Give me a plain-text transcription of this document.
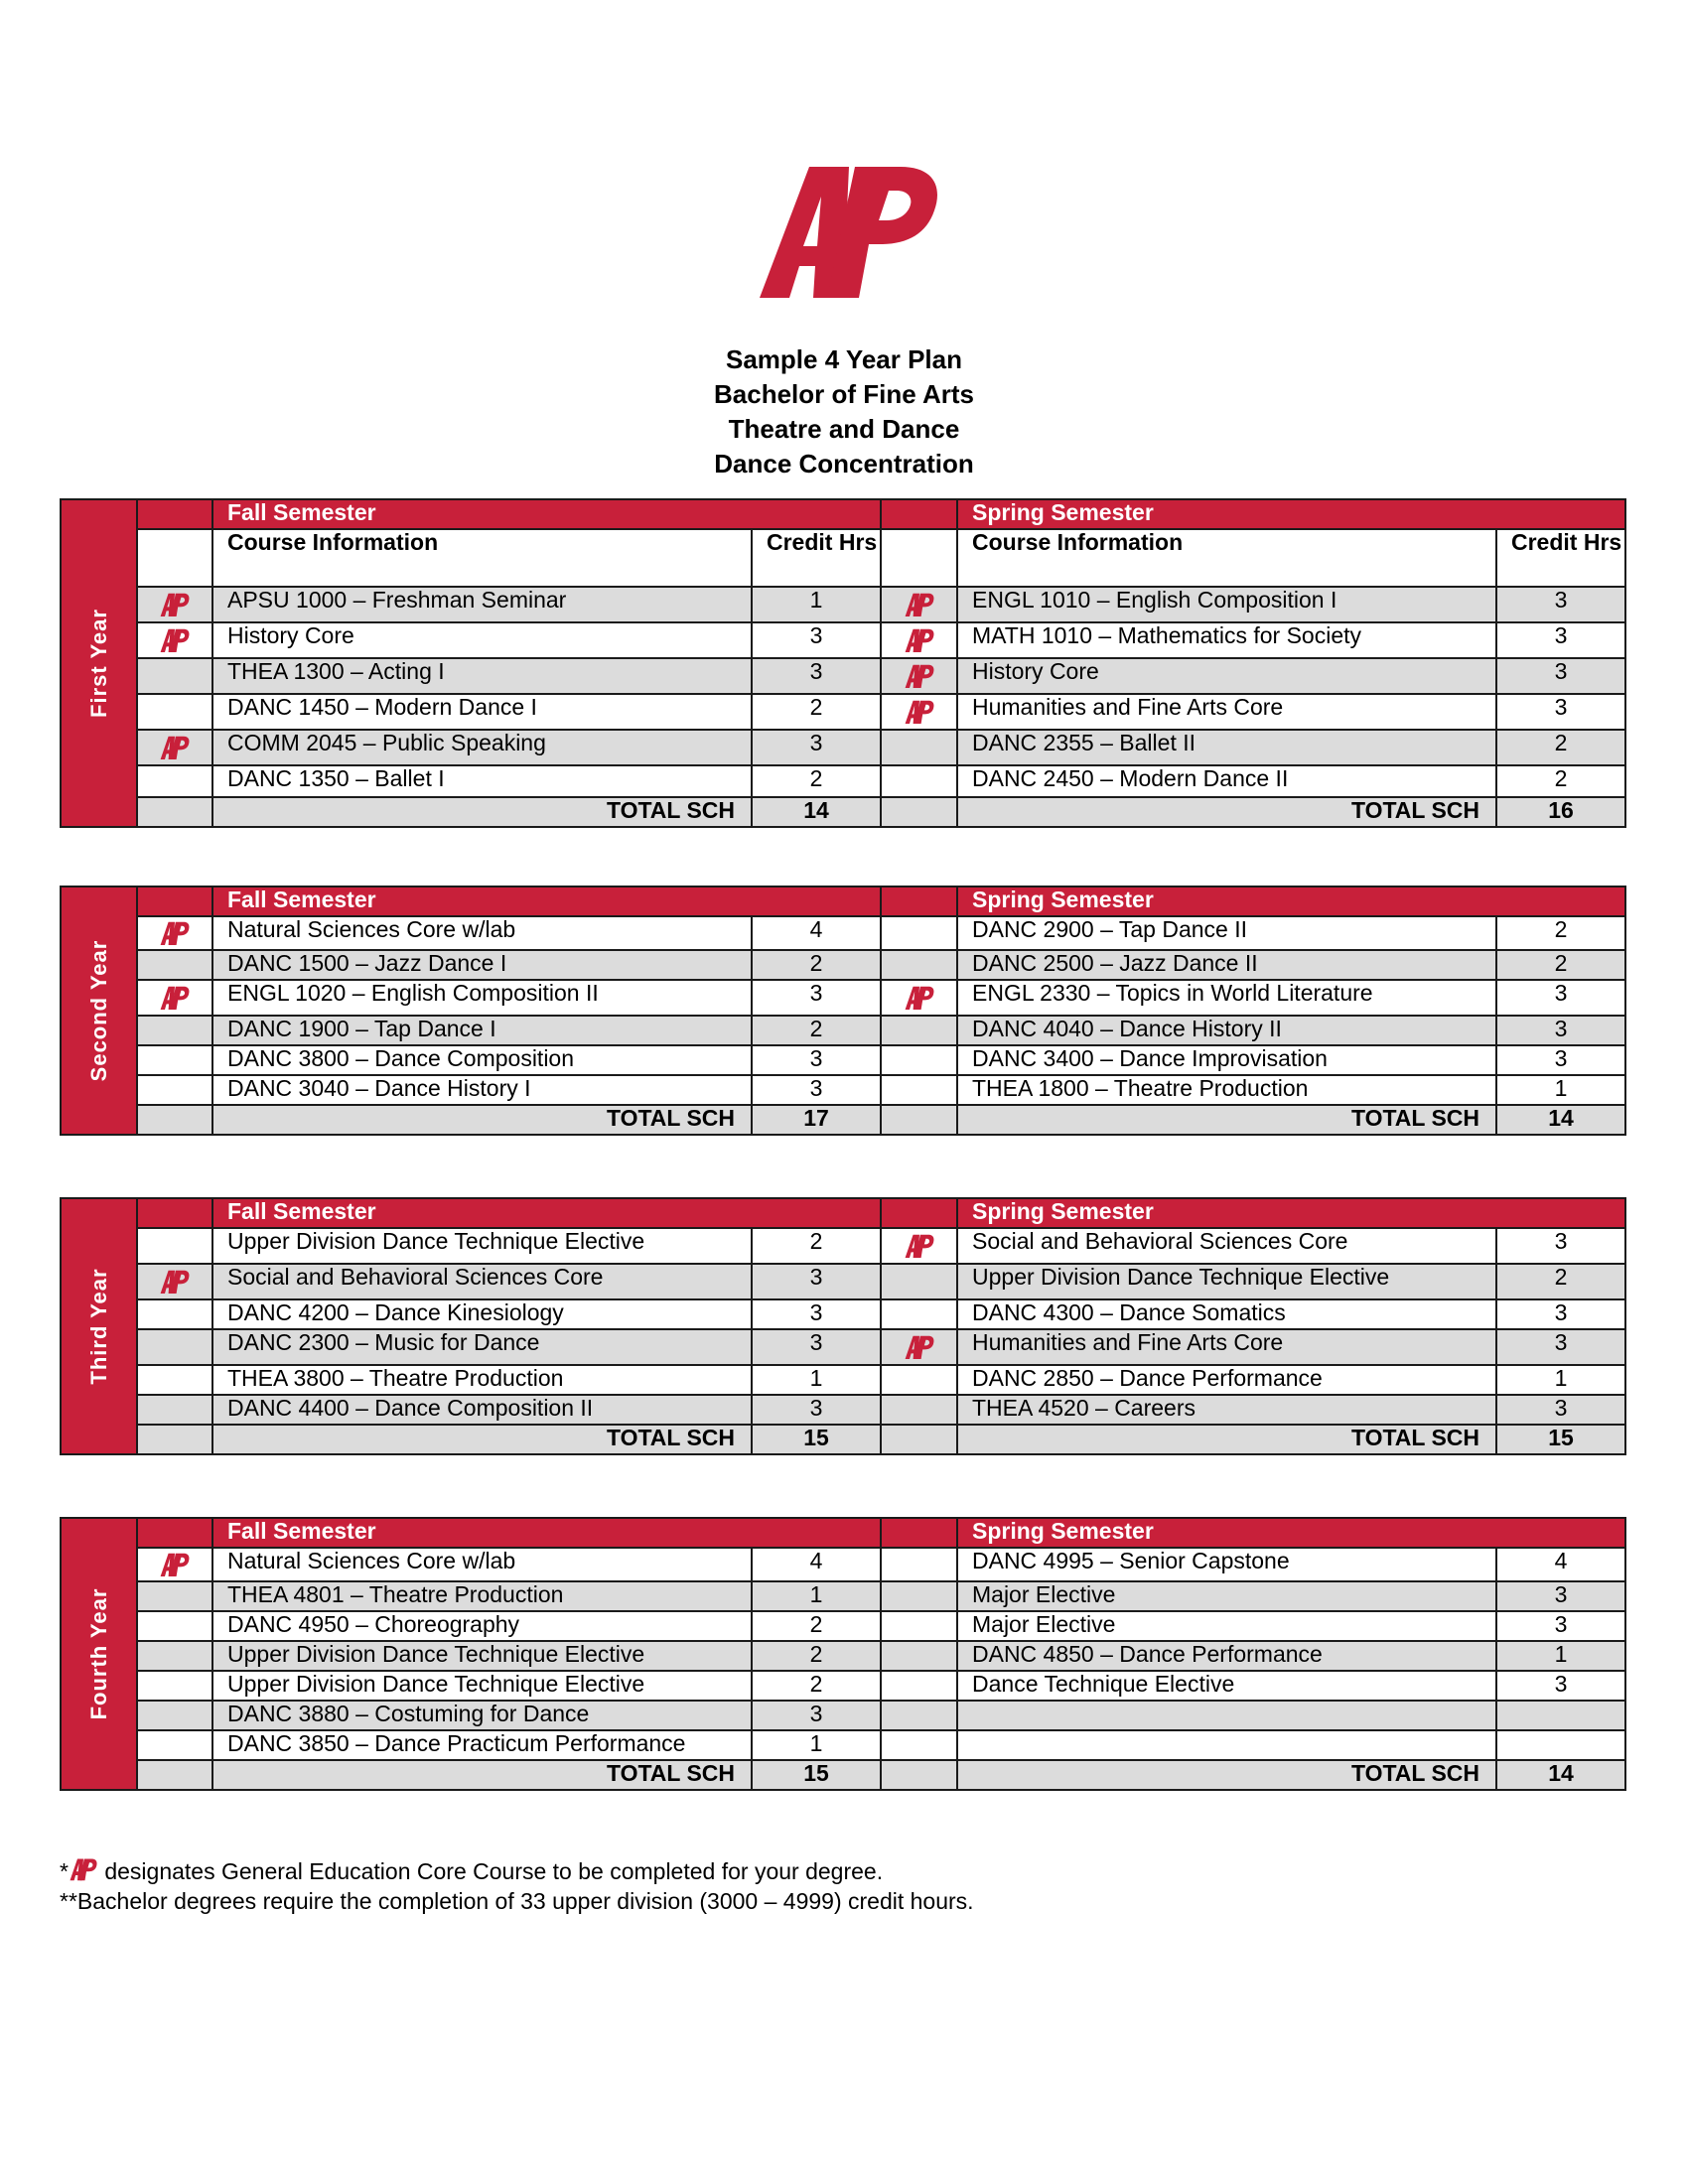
Sample 4 Year Plan
Bachelor of Fine Arts
Theatre and Dance
Dance Concentration
First Year		Fall Semester			Spring Semester	
		Course Information	Credit Hrs		Course Information	Credit Hrs
	APSU 1000 – Freshman Seminar	1		ENGL 1010 – English Composition I	3
	History Core	3		MATH 1010 – Mathematics for Society	3
		THEA 1300 – Acting I	3		History Core	3
		DANC 1450 – Modern Dance I	2		Humanities and Fine Arts Core	3
	COMM 2045 – Public Speaking	3		DANC 2355 – Ballet II	2
		DANC 1350 – Ballet I	2		DANC 2450 – Modern Dance II	2
		TOTAL SCH	14		TOTAL SCH	16
Second Year		Fall Semester			Spring Semester	
	Natural Sciences Core w/lab	4		DANC 2900 – Tap Dance II	2
		DANC 1500 – Jazz Dance I	2		DANC 2500 – Jazz Dance II	2
	ENGL 1020 – English Composition II	3		ENGL 2330 – Topics in World Literature	3
		DANC 1900 – Tap Dance I	2		DANC 4040 – Dance History II	3
		DANC 3800 – Dance Composition	3		DANC 3400 – Dance Improvisation	3
		DANC 3040 – Dance History I	3		THEA 1800 – Theatre Production	1
		TOTAL SCH	17		TOTAL SCH	14
Third Year		Fall Semester			Spring Semester	
		Upper Division Dance Technique Elective	2		Social and Behavioral Sciences Core	3
	Social and Behavioral Sciences Core	3		Upper Division Dance Technique Elective	2
		DANC 4200 – Dance Kinesiology	3		DANC 4300 – Dance Somatics	3
		DANC 2300 – Music for Dance	3		Humanities and Fine Arts Core	3
		THEA 3800 – Theatre Production	1		DANC 2850 – Dance Performance	1
		DANC 4400 – Dance Composition II	3		THEA 4520 – Careers	3
		TOTAL SCH	15		TOTAL SCH	15
Fourth Year		Fall Semester			Spring Semester	
	Natural Sciences Core w/lab	4		DANC 4995 – Senior Capstone	4
		THEA 4801 – Theatre Production	1		Major Elective	3
		DANC 4950 – Choreography	2		Major Elective	3
		Upper Division Dance Technique Elective	2		DANC 4850 – Dance Performance	1
		Upper Division Dance Technique Elective	2		Dance Technique Elective	3
		DANC 3880 – Costuming for Dance	3			
		DANC 3850 – Dance Practicum Performance	1			
		TOTAL SCH	15		TOTAL SCH	14
* designates General Education Core Course to be completed for your degree.
**Bachelor degrees require the completion of 33 upper division (3000 – 4999) credit hours.
